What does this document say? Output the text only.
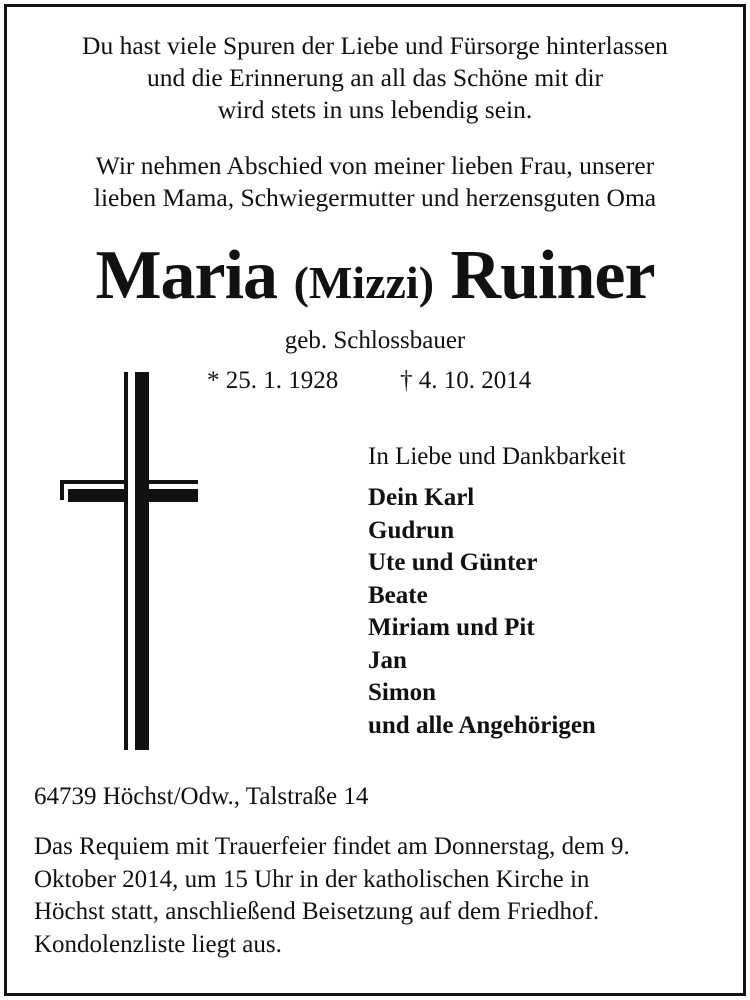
Du hast viele Spuren der Liebe und Fürsorge hinterlassen
und die Erinnerung an all das Schöne mit dir
wird stets in uns lebendig sein.
Wir nehmen Abschied von meiner lieben Frau, unserer
lieben Mama, Schwiegermutter und herzensguten Oma
Maria (Mizzi) Ruiner
geb. Schlossbauer
* 25. 1. 1928 † 4. 10. 2014
In Liebe und Dankbarkeit
Dein Karl
Gudrun
Ute und Günter
Beate
Miriam und Pit
Jan
Simon
und alle Angehörigen
64739 Höchst/Odw., Talstraße 14
Das Requiem mit Trauerfeier findet am Donnerstag, dem 9.
Oktober 2014, um 15 Uhr in der katholischen Kirche in
Höchst statt, anschließend Beisetzung auf dem Friedhof.
Kondolenzliste liegt aus.
